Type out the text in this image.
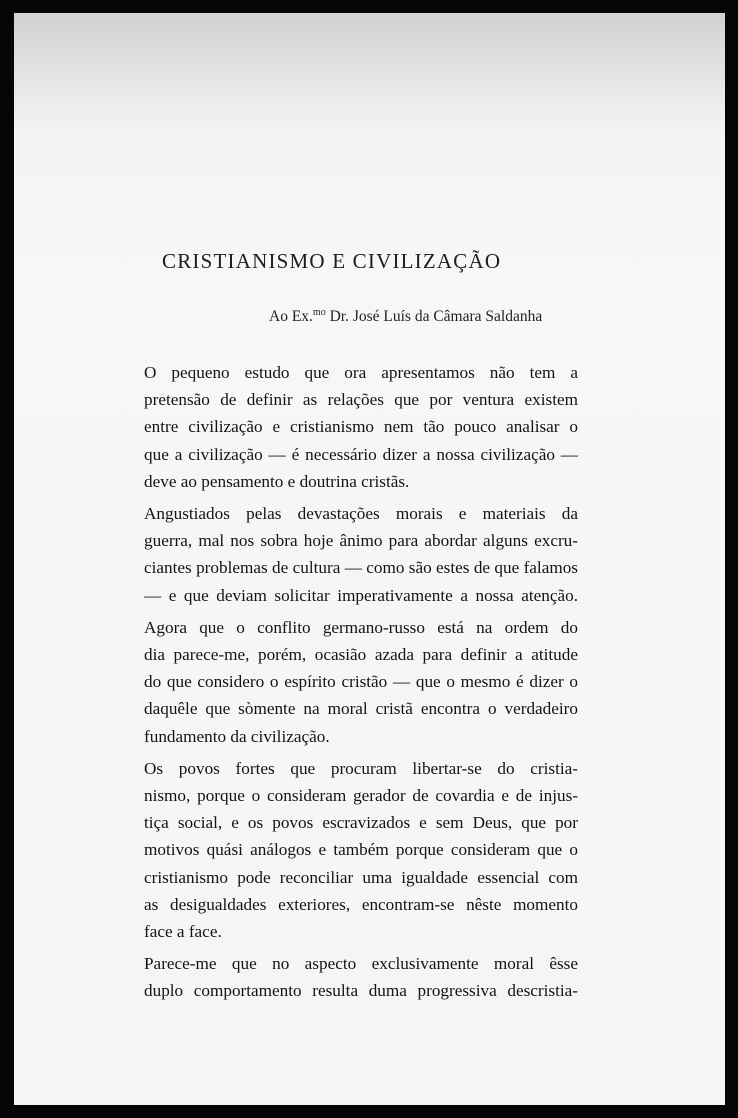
CRISTIANISMO E CIVILIZAÇÃO
Ao Ex.$^{mo}$ Dr. José Luís da Câmara Saldanha

O pequeno estudo que ora apresentamos não tem a
pretensão de definir as relações que por ventura existem
entre civilização e cristianismo nem tão pouco analisar o
que a civilização — é necessário dizer a nossa civilização —
deve ao pensamento e doutrina cristãs.

Angustiados pelas devastações morais e materiais da
guerra, mal nos sobra hoje ânimo para abordar alguns excru-
ciantes problemas de cultura — como são estes de que falamos
— e que deviam solicitar imperativamente a nossa atenção.

Agora que o conflito germano-russo está na ordem do
dia parece-me, porém, ocasião azada para definir a atitude
do que considero o espírito cristão — que o mesmo é dizer o
daquêle que sòmente na moral cristã encontra o verdadeiro
fundamento da civilização.

Os povos fortes que procuram libertar-se do cristia-
nismo, porque o consideram gerador de covardia e de injus-
tiça social, e os povos escravizados e sem Deus, que por
motivos quási análogos e também porque consideram que o
cristianismo pode reconciliar uma igualdade essencial com
as desigualdades exteriores, encontram-se nêste momento
face a face.

Parece-me que no aspecto exclusivamente moral êsse
duplo comportamento resulta duma progressiva descristia-
